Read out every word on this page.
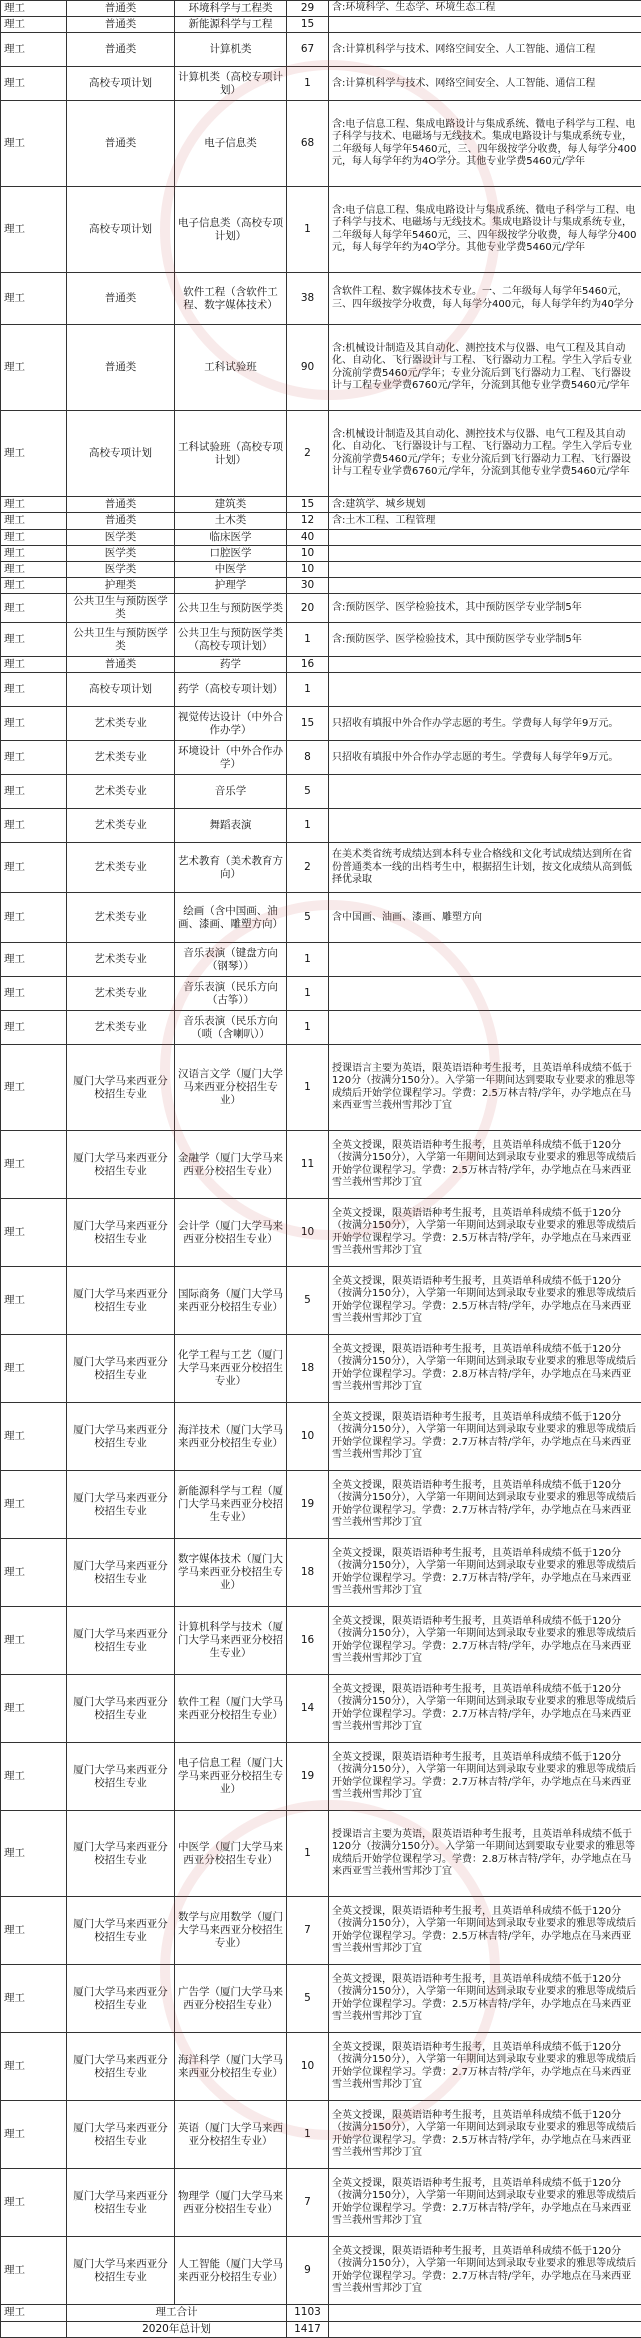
理工	普通类	环境科学与工程类	29	含:环境科学、生态学、环境生态工程
理工	普通类	新能源科学与工程	15	
理工	普通类	计算机类	67	含:计算机科学与技术、网络空间安全、人工智能、通信工程
理工	高校专项计划	计算机类（高校专项计划）	1	含:计算机科学与技术、网络空间安全、人工智能、通信工程
理工	普通类	电子信息类	68	含:电子信息工程、集成电路设计与集成系统、微电子科学与工程、电子科学与技术、电磁场与无线技术。集成电路设计与集成系统专业，二年级每人每学年5460元，三、四年级按学分收费，每人每学分400元，每人每学年约为4O学分。其他专业学费5460元/学年
理工	高校专项计划	电子信息类（高校专项计划）	1	含:电子信息工程、集成电路设计与集成系统、微电子科学与工程、电子科学与技术、电磁场与无线技术。集成电路设计与集成系统专业，二年级每人每学年5460元，三、四年级按学分收费，每人每学分400元，每人每学年约为4O学分。其他专业学费5460元/学年
理工	普通类	软件工程（含软件工程、数字媒体技术）	38	含软件工程、数字媒体技术专业。一、二年级每人每学年5460元，三、四年级按学分收费，每人每学分400元，每人每学年约为40学分
理工	普通类	工科试验班	90	含:机械设计制造及其自动化、测控技术与仪器、电气工程及其自动化、自动化、飞行器设计与工程、飞行器动力工程。学生入学后专业分流前学费5460元/学年；专业分流后到飞行器动力工程、飞行器设计与工程专业学费6760元/学年，分流到其他专业学费5460元/学年
理工	高校专项计划	工科试验班（高校专项计划）	2	含:机械设计制造及其自动化、测控技术与仪器、电气工程及其自动化、自动化、飞行器设计与工程、飞行器动力工程。学生入学后专业分流前学费5460元/学年；专业分流后到飞行器动力工程、飞行器设计与工程专业学费6760元/学年，分流到其他专业学费5460元/学年
理工	普通类	建筑类	15	含:建筑学、城乡规划
理工	普通类	土木类	12	含:土木工程、工程管理
理工	医学类	临床医学	40	
理工	医学类	口腔医学	10	
理工	医学类	中医学	10	
理工	护理类	护理学	30	
理工	公共卫生与预防医学类	公共卫生与预防医学类	20	含:预防医学、医学检验技术，其中预防医学专业学制5年
理工	公共卫生与预防医学类	公共卫生与预防医学类（高校专项计划）	1	含:预防医学、医学检验技术，其中预防医学专业学制5年
理工	普通类	药学	16	
理工	高校专项计划	药学（高校专项计划）	1	
理工	艺术类专业	视觉传达设计（中外合作办学）	15	只招收有填报中外合作办学志愿的考生。学费每人每学年9万元。
理工	艺术类专业	环境设计（中外合作办学）	8	只招收有填报中外合作办学志愿的考生。学费每人每学年9万元。
理工	艺术类专业	音乐学	5	
理工	艺术类专业	舞蹈表演	1	
理工	艺术类专业	艺术教育（美术教育方向）	2	在美术类省统考成绩达到本科专业合格线和文化考试成绩达到所在省份普通类本一线的出档考生中，根据招生计划，按文化成绩从高到低择优录取
理工	艺术类专业	绘画（含中国画、油画、漆画、雕塑方向）	5	含中国画、油画、漆画、雕塑方向
理工	艺术类专业	音乐表演（键盘方向（钢琴））	1	
理工	艺术类专业	音乐表演（民乐方向（古筝））	1	
理工	艺术类专业	音乐表演（民乐方向（唢（含喇叭））	1	
理工	厦门大学马来西亚分校招生专业	汉语言文学（厦门大学马来西亚分校招生专业）	1	授课语言主要为英语，限英语语种考生报考，且英语单科成绩不低于120分（按满分150分）。入学第一年期间达到要取专业要求的雅思等成绩后开始学位课程学习。学费：2.5万林吉特/学年，办学地点在马来西亚雪兰莪州雪邦沙丁宜
理工	厦门大学马来西亚分校招生专业	金融学（厦门大学马来西亚分校招生专业）	11	全英文授课，限英语语种考生报考，且英语单科成绩不低于120分（按满分150分），入学第一年期间达到录取专业要求的雅思等成绩后开始学位课程学习。学费：2.5万林吉特/学年，办学地点在马来西亚雪兰莪州雪邦沙丁宜
理工	厦门大学马来西亚分校招生专业	会计学（厦门大学马来西亚分校招生专业）	10	全英文授课，限英语语种考生报考，且英语单科成绩不低于120分（按满分150分），入学第一年期间达到录取专业要求的雅思等成绩后开始学位课程学习。学费：2.5万林吉特/学年，办学地点在马来西亚雪兰莪州雪邦沙丁宜
理工	厦门大学马来西亚分校招生专业	国际商务（厦门大学马来西亚分校招生专业）	5	全英文授课，限英语语种考生报考，且英语单科成绩不低于120分（按满分150分），入学第一年期间达到录取专业要求的雅思等成绩后开始学位课程学习。学费：2.5万林吉特/学年，办学地点在马来西亚雪兰莪州雪邦沙丁宜
理工	厦门大学马来西亚分校招生专业	化学工程与工艺（厦门大学马来西亚分校招生专业）	18	全英文授课，限英语语种考生报考，且英语单科成绩不低于120分（按满分150分），入学第一年期间达到录取专业要求的雅思等成绩后开始学位课程学习。学费：2.8万林吉特/学年，办学地点在马来西亚雪兰莪州雪邦沙丁宜
理工	厦门大学马来西亚分校招生专业	海洋技术（厦门大学马来西亚分校招生专业）	10	全英文授课，限英语语种考生报考，且英语单科成绩不低于120分（按满分150分），入学第一年期间达到录取专业要求的雅思等成绩后开始学位课程学习。学费：2.7万林吉特/学年，办学地点在马来西亚雪兰莪州雪邦沙丁宜
理工	厦门大学马来西亚分校招生专业	新能源科学与工程（厦门大学马来西亚分校招生专业）	19	全英文授课，限英语语种考生报考，且英语单科成绩不低于120分（按满分150分），入学第一年期间达到录取专业要求的雅思等成绩后开始学位课程学习。学费：2.7万林吉特/学年，办学地点在马来西亚雪兰莪州雪邦沙丁宜
理工	厦门大学马来西亚分校招生专业	数字媒体技术（厦门大学马来西亚分校招生专业）	18	全英文授课，限英语语种考生报考，且英语单科成绩不低于120分（按满分150分），入学第一年期间达到录取专业要求的雅思等成绩后开始学位课程学习。学费：2.7万林吉特/学年，办学地点在马来西亚雪兰莪州雪邦沙丁宜
理工	厦门大学马来西亚分校招生专业	计算机科学与技术（厦门大学马来西亚分校招生专业）	16	全英文授课，限英语语种考生报考，且英语单科成绩不低于120分（按满分150分），入学第一年期间达到录取专业要求的雅思等成绩后开始学位课程学习。学费：2.7万林吉特/学年，办学地点在马来西亚雪兰莪州雪邦沙丁宜
理工	厦门大学马来西亚分校招生专业	软件工程（厦门大学马来西亚分校招生专业）	14	全英文授课，限英语语种考生报考，且英语单科成绩不低于120分（按满分150分），入学第一年期间达到录取专业要求的雅思等成绩后开始学位课程学习。学费：2.7万林吉特/学年，办学地点在马来西亚雪兰莪州雪邦沙丁宜
理工	厦门大学马来西亚分校招生专业	电子信息工程（厦门大学马来西亚分校招生专业）	19	全英文授课，限英语语种考生报考，且英语单科成绩不低于120分（按满分150分），入学第一年期间达到录取专业要求的雅思等成绩后开始学位课程学习。学费：2.7万林吉特/学年，办学地点在马来西亚雪兰莪州雪邦沙丁宜
理工	厦门大学马来西亚分校招生专业	中医学（厦门大学马来西亚分校招生专业）	1	授课语言主要为英语，限英语语种考生报考，且英语单科成绩不低于120分（按满分150分）。入学第一年期间达到要取专业要求的雅思等成绩后开始学位课程学习。学费：2.8万林吉特/学年，办学地点在马来西亚雪兰莪州雪邦沙丁宜
理工	厦门大学马来西亚分校招生专业	数学与应用数学（厦门大学马来西亚分校招生专业）	7	全英文授课，限英语语种考生报考，且英语单科成绩不低于120分（按满分150分），入学第一年期间达到录取专业要求的雅思等成绩后开始学位课程学习。学费：2.5万林吉特/学年，办学地点在马来西亚雪兰莪州雪邦沙丁宜
理工	厦门大学马来西亚分校招生专业	广告学（厦门大学马来西亚分校招生专业）	5	全英文授课，限英语语种考生报考，且英语单科成绩不低于120分（按满分150分），入学第一年期间达到录取专业要求的雅思等成绩后开始学位课程学习。学费：2.5万林吉特/学年，办学地点在马来西亚雪兰莪州雪邦沙丁宜
理工	厦门大学马来西亚分校招生专业	海洋科学（厦门大学马来西亚分校招生专业）	10	全英文授课，限英语语种考生报考，且英语单科成绩不低于120分（按满分150分），入学第一年期间达到录取专业要求的雅思等成绩后开始学位课程学习。学费：2.7万林吉特/学年，办学地点在马来西亚雪兰莪州雪邦沙丁宜
理工	厦门大学马来西亚分校招生专业	英语（厦门大学马来西亚分校招生专业）	1	全英文授课，限英语语种考生报考，且英语单科成绩不低于120分（按满分150分），入学第一年期间达到录取专业要求的雅思等成绩后开始学位课程学习。学费：2.5万林吉特/学年，办学地点在马来西亚雪兰莪州雪邦沙丁宜
理工	厦门大学马来西亚分校招生专业	物理学（厦门大学马来西亚分校招生专业）	7	全英文授课，限英语语种考生报考，且英语单科成绩不低于120分（按满分150分），入学第一年期间达到录取专业要求的雅思等成绩后开始学位课程学习。学费：2.7万林吉特/学年，办学地点在马来西亚雪兰莪州雪邦沙丁宜
理工	厦门大学马来西亚分校招生专业	人工智能（厦门大学马来西亚分校招生专业）	9	全英文授课，限英语语种考生报考，且英语单科成绩不低于120分（按满分150分），入学第一年期间达到录取专业要求的雅思等成绩后开始学位课程学习。学费：2.7万林吉特/学年，办学地点在马来西亚雪兰莪州雪邦沙丁宜
理工	理工合计		1103	
	2020年总计划		1417	
